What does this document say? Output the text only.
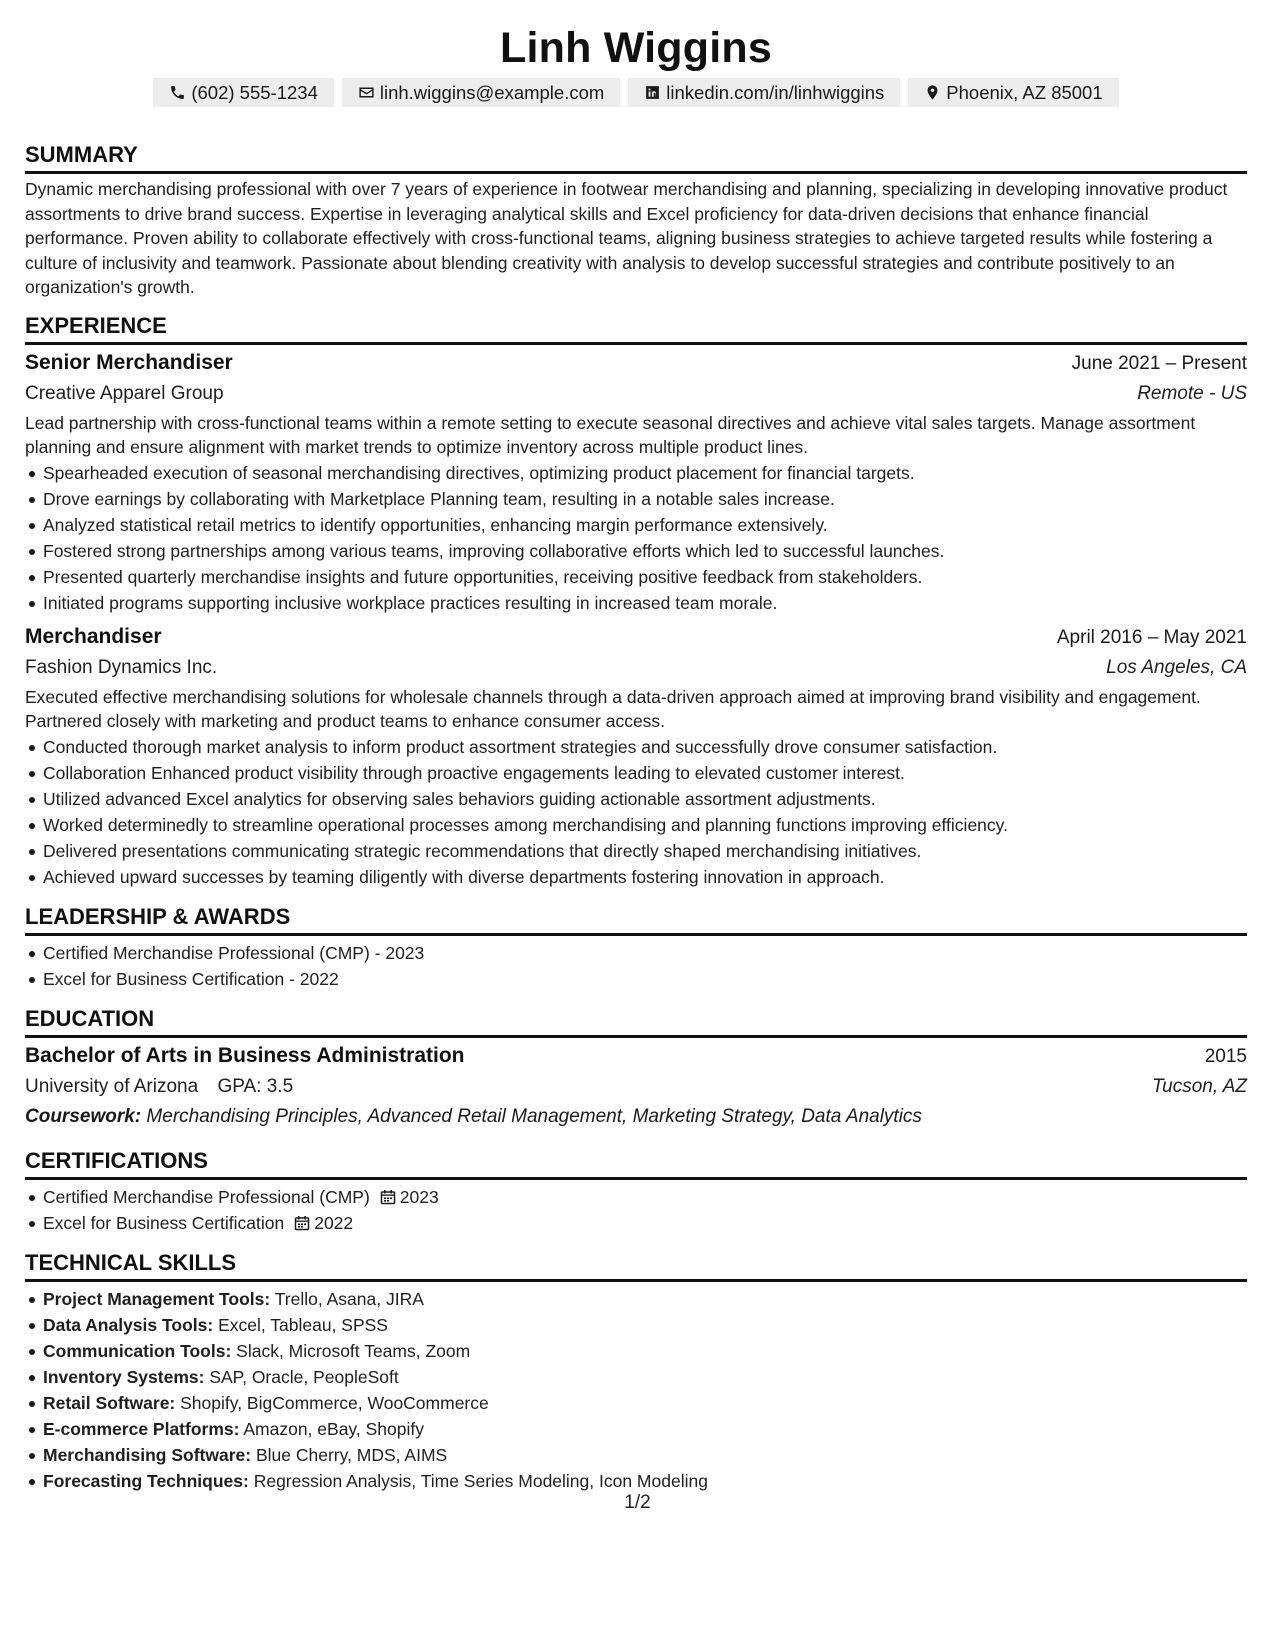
Linh Wiggins
(602) 555-1234	linh.wiggins@example.com	linkedin.com/in/linhwiggins	Phoenix, AZ 85001
SUMMARY

Dynamic merchandising professional with over 7 years of experience in footwear merchandising and planning, specializing in developing innovative product assortments to drive brand success. Expertise in leveraging analytical skills and Excel proficiency for data-driven decisions that enhance financial performance. Proven ability to collaborate effectively with cross-functional teams, aligning business strategies to achieve targeted results while fostering a culture of inclusivity and teamwork. Passionate about blending creativity with analysis to develop successful strategies and contribute positively to an organization's growth.

EXPERIENCE
Senior Merchandiser	June 2021 – Present
Creative Apparel Group	Remote - US

Lead partnership with cross-functional teams within a remote setting to execute seasonal directives and achieve vital sales targets. Manage assortment planning and ensure alignment with market trends to optimize inventory across multiple product lines.

Spearheaded execution of seasonal merchandising directives, optimizing product placement for financial targets.
Drove earnings by collaborating with Marketplace Planning team, resulting in a notable sales increase.
Analyzed statistical retail metrics to identify opportunities, enhancing margin performance extensively.
Fostered strong partnerships among various teams, improving collaborative efforts which led to successful launches.
Presented quarterly merchandise insights and future opportunities, receiving positive feedback from stakeholders.
Initiated programs supporting inclusive workplace practices resulting in increased team morale.
Merchandiser	April 2016 – May 2021
Fashion Dynamics Inc.	Los Angeles, CA

Executed effective merchandising solutions for wholesale channels through a data-driven approach aimed at improving brand visibility and engagement. Partnered closely with marketing and product teams to enhance consumer access.

Conducted thorough market analysis to inform product assortment strategies and successfully drove consumer satisfaction.
Collaboration Enhanced product visibility through proactive engagements leading to elevated customer interest.
Utilized advanced Excel analytics for observing sales behaviors guiding actionable assortment adjustments.
Worked determinedly to streamline operational processes among merchandising and planning functions improving efficiency.
Delivered presentations communicating strategic recommendations that directly shaped merchandising initiatives.
Achieved upward successes by teaming diligently with diverse departments fostering innovation in approach.
LEADERSHIP & AWARDS
Certified Merchandise Professional (CMP) - 2023
Excel for Business Certification - 2022
EDUCATION
Bachelor of Arts in Business Administration	2015
University of Arizona GPA: 3.5	Tucson, AZ
Coursework: Merchandising Principles, Advanced Retail Management, Marketing Strategy, Data Analytics
CERTIFICATIONS
Certified Merchandise Professional (CMP) 2023
Excel for Business Certification 2022
TECHNICAL SKILLS
Project Management Tools: Trello, Asana, JIRA
Data Analysis Tools: Excel, Tableau, SPSS
Communication Tools: Slack, Microsoft Teams, Zoom
Inventory Systems: SAP, Oracle, PeopleSoft
Retail Software: Shopify, BigCommerce, WooCommerce
E-commerce Platforms: Amazon, eBay, Shopify
Merchandising Software: Blue Cherry, MDS, AIMS
Forecasting Techniques: Regression Analysis, Time Series Modeling, Icon Modeling
1/2
